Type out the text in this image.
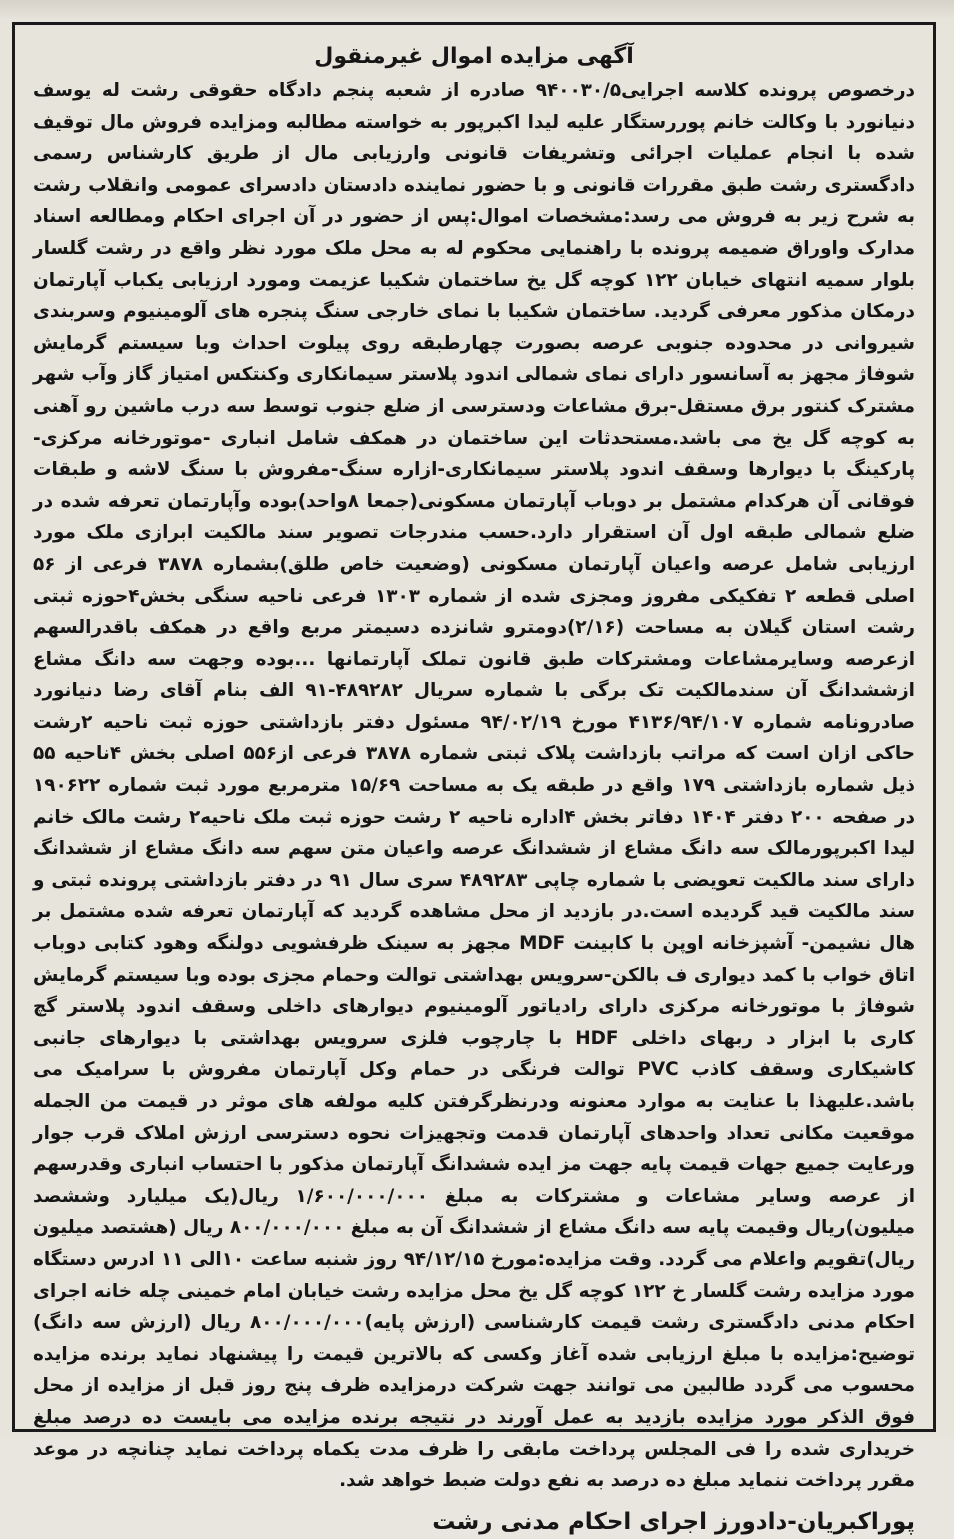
آگهی مزایده اموال غیرمنقول

درخصوص پرونده کلاسه اجرایی۹۴۰۰۳۰/۵ صادره از شعبه پنجم دادگاه حقوقی رشت له یوسف دنیانورد با وکالت خانم پوررستگار علیه لیدا اکبرپور به خواسته مطالبه ومزایده فروش مال توقیف شده با انجام عملیات اجرائی وتشریفات قانونی وارزیابی مال از طریق کارشناس رسمی دادگستری رشت طبق مقررات قانونی و با حضور نماینده دادستان دادسرای عمومی وانقلاب رشت به شرح زیر به فروش می رسد:مشخصات اموال:پس از حضور در آن اجرای احکام ومطالعه اسناد مدارک واوراق ضمیمه پرونده با راهنمایی محکوم له به محل ملک مورد نظر واقع در رشت گلسار بلوار سمیه انتهای خیابان ۱۲۲ کوچه گل یخ ساختمان شکیبا عزیمت ومورد ارزیابی یکباب آپارتمان درمکان مذکور معرفی گردید. ساختمان شکیبا با نمای خارجی سنگ پنجره های آلومینیوم وسربندی شیروانی در محدوده جنوبی عرصه بصورت چهارطبقه روی پیلوت احداث وبا سیستم گرمایش شوفاژ مجهز به آسانسور دارای نمای شمالی اندود پلاستر سیمانکاری وکنتکس امتیاز گاز وآب شهر مشترک کنتور برق مستقل-برق مشاعات ودسترسی از ضلع جنوب توسط سه درب ماشین رو آهنی به کوچه گل یخ می باشد.مستحدثات این ساختمان در همکف شامل انباری -موتورخانه مرکزی-پارکینگ با دیوارها وسقف اندود پلاستر سیمانکاری-ازاره سنگ-مفروش با سنگ لاشه و طبقات فوقانی آن هرکدام مشتمل بر دوباب آپارتمان مسکونی(جمعا ۸واحد)بوده وآپارتمان تعرفه شده در ضلع شمالی طبقه اول آن استقرار دارد.حسب مندرجات تصویر سند مالکیت ابرازی ملک مورد ارزیابی شامل عرصه واعیان آپارتمان مسکونی (وضعیت خاص طلق)بشماره ۳۸۷۸ فرعی از ۵۶ اصلی قطعه ۲ تفکیکی مفروز ومجزی شده از شماره ۱۳۰۳ فرعی ناحیه سنگی بخش۴حوزه ثبتی رشت استان گیلان به مساحت (۲/۱۶)دومترو شانزده دسیمتر مربع واقع در همکف باقدرالسهم ازعرصه وسایرمشاعات ومشترکات طبق قانون تملک آپارتمانها ...بوده وجهت سه دانگ مشاع ازششدانگ آن سندمالکیت تک برگی با شماره سریال ۴۸۹۲۸۲-۹۱ الف بنام آقای رضا دنیانورد صادرونامه شماره ۴۱۳۶/۹۴/۱۰۷ مورخ ۹۴/۰۲/۱۹ مسئول دفتر بازداشتی حوزه ثبت ناحیه ۲رشت حاکی ازان است که مراتب بازداشت پلاک ثبتی شماره ۳۸۷۸ فرعی از۵۵۶ اصلی بخش ۴ناحیه ۵۵ ذیل شماره بازداشتی ۱۷۹ واقع در طبقه یک به مساحت ۱۵/۶۹ مترمربع مورد ثبت شماره ۱۹۰۶۲۲ در صفحه ۲۰۰ دفتر ۱۴۰۴ دفاتر بخش ۴اداره ناحیه ۲ رشت حوزه ثبت ملک ناحیه۲ رشت مالک خانم لیدا اکبرپورمالک سه دانگ مشاع از ششدانگ عرصه واعیان متن سهم سه دانگ مشاع از ششدانگ دارای سند مالکیت تعویضی با شماره چاپی ۴۸۹۲۸۳ سری سال ۹۱ در دفتر بازداشتی پرونده ثبتی و سند مالکیت قید گردیده است.در بازدید از محل مشاهده گردید که آپارتمان تعرفه شده مشتمل بر هال نشیمن- آشپزخانه اوپن با کابینت MDF مجهز به سینک ظرفشویی دولنگه وهود کتابی دوباب اتاق خواب با کمد دیواری ف بالکن-سرویس بهداشتی توالت وحمام مجزی بوده وبا سیستم گرمایش شوفاژ با موتورخانه مرکزی دارای رادیاتور آلومینیوم دیوارهای داخلی وسقف اندود پلاستر گچ کاری با ابزار د ربهای داخلی HDF با چارچوب فلزی سرویس بهداشتی با دیوارهای جانبی کاشیکاری وسقف کاذب PVC توالت فرنگی در حمام وکل آپارتمان مفروش با سرامیک می باشد.علیهذا با عنایت به موارد معنونه ودرنظرگرفتن کلیه مولفه های موثر در قیمت من الجمله موقعیت مکانی تعداد واحدهای آپارتمان قدمت وتجهیزات نحوه دسترسی ارزش املاک قرب جوار ورعایت جمیع جهات قیمت پایه جهت مز ایده ششدانگ آپارتمان مذکور با احتساب انباری وقدرسهم از عرصه وسایر مشاعات و مشترکات به مبلغ ۱/۶۰۰/۰۰۰/۰۰۰ ریال(یک میلیارد وششصد میلیون)ریال وقیمت پایه سه دانگ مشاع از ششدانگ آن به مبلغ ۸۰۰/۰۰۰/۰۰۰ ریال (هشتصد میلیون ریال)تقویم واعلام می گردد. وقت مزایده:مورخ ۹۴/۱۲/۱۵ روز شنبه ساعت ۱۰الی ۱۱ ادرس دستگاه مورد مزایده رشت گلسار خ ۱۲۲ کوچه گل یخ محل مزایده رشت خیابان امام خمینی چله خانه اجرای احکام مدنی دادگستری رشت قیمت کارشناسی (ارزش پایه)۸۰۰/۰۰۰/۰۰۰ ریال (ارزش سه دانگ) توضیح:مزایده با مبلغ ارزیابی شده آغاز وکسی که بالاترین قیمت را پیشنهاد نماید برنده مزایده محسوب می گردد طالبین می توانند جهت شرکت درمزایده ظرف پنج روز قبل از مزایده از محل فوق الذکر مورد مزایده بازدید به عمل آورند در نتیجه برنده مزایده می بایست ده درصد مبلغ خریداری شده را فی المجلس پرداخت مابقی را ظرف مدت یکماه پرداخت نماید چنانچه در موعد مقرر پرداخت ننماید مبلغ ده درصد به نفع دولت ضبط خواهد شد.

پوراکبریان-دادورز اجرای احکام مدنی رشت
